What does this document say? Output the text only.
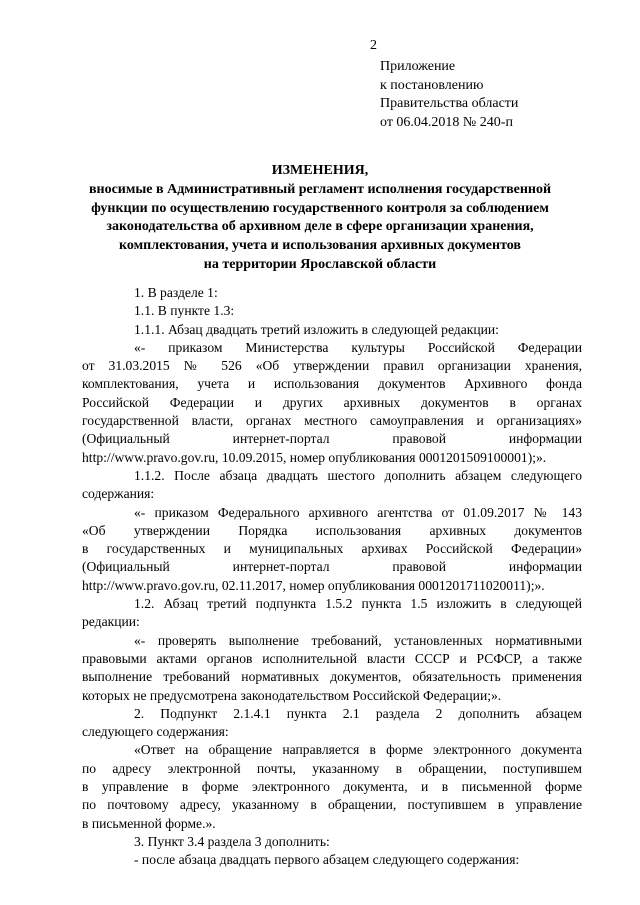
2
Приложение
к постановлению
Правительства области
от 06.04.2018 № 240-п
ИЗМЕНЕНИЯ,
вносимые в Административный регламент исполнения государственной
функции по осуществлению государственного контроля за соблюдением
законодательства об архивном деле в сфере организации хранения,
комплектования, учета и использования архивных документов
на территории Ярославской области

1. В разделе 1:

1.1. В пункте 1.3:

1.1.1. Абзац двадцать третий изложить в следующей редакции:

«- приказом Министерства культуры Российской Федерации
от 31.03.2015 № 526 «Об утверждении правил организации хранения,
комплектования, учета и использования документов Архивного фонда
Российской Федерации и других архивных документов в органах
государственной власти, органах местного самоуправления и организациях»
(Официальный интернет-портал правовой информации
http://www.pravo.gov.ru, 10.09.2015, номер опубликования 0001201509100001);».
1.1.2. После абзаца двадцать шестого дополнить абзацем следующего
содержания:
«- приказом Федерального архивного агентства от 01.09.2017 № 143
«Об утверждении Порядка использования архивных документов
в государственных и муниципальных архивах Российской Федерации»
(Официальный интернет-портал правовой информации
http://www.pravo.gov.ru, 02.11.2017, номер опубликования 0001201711020011);».
1.2. Абзац третий подпункта 1.5.2 пункта 1.5 изложить в следующей
редакции:
«- проверять выполнение требований, установленных нормативными
правовыми актами органов исполнительной власти СССР и РСФСР, а также
выполнение требований нормативных документов, обязательность применения
которых не предусмотрена законодательством Российской Федерации;».
2. Подпункт 2.1.4.1 пункта 2.1 раздела 2 дополнить абзацем
следующего содержания:
«Ответ на обращение направляется в форме электронного документа
по адресу электронной почты, указанному в обращении, поступившем
в управление в форме электронного документа, и в письменной форме
по почтовому адресу, указанному в обращении, поступившем в управление
в письменной форме.».

3. Пункт 3.4 раздела 3 дополнить:

- после абзаца двадцать первого абзацем следующего содержания:
